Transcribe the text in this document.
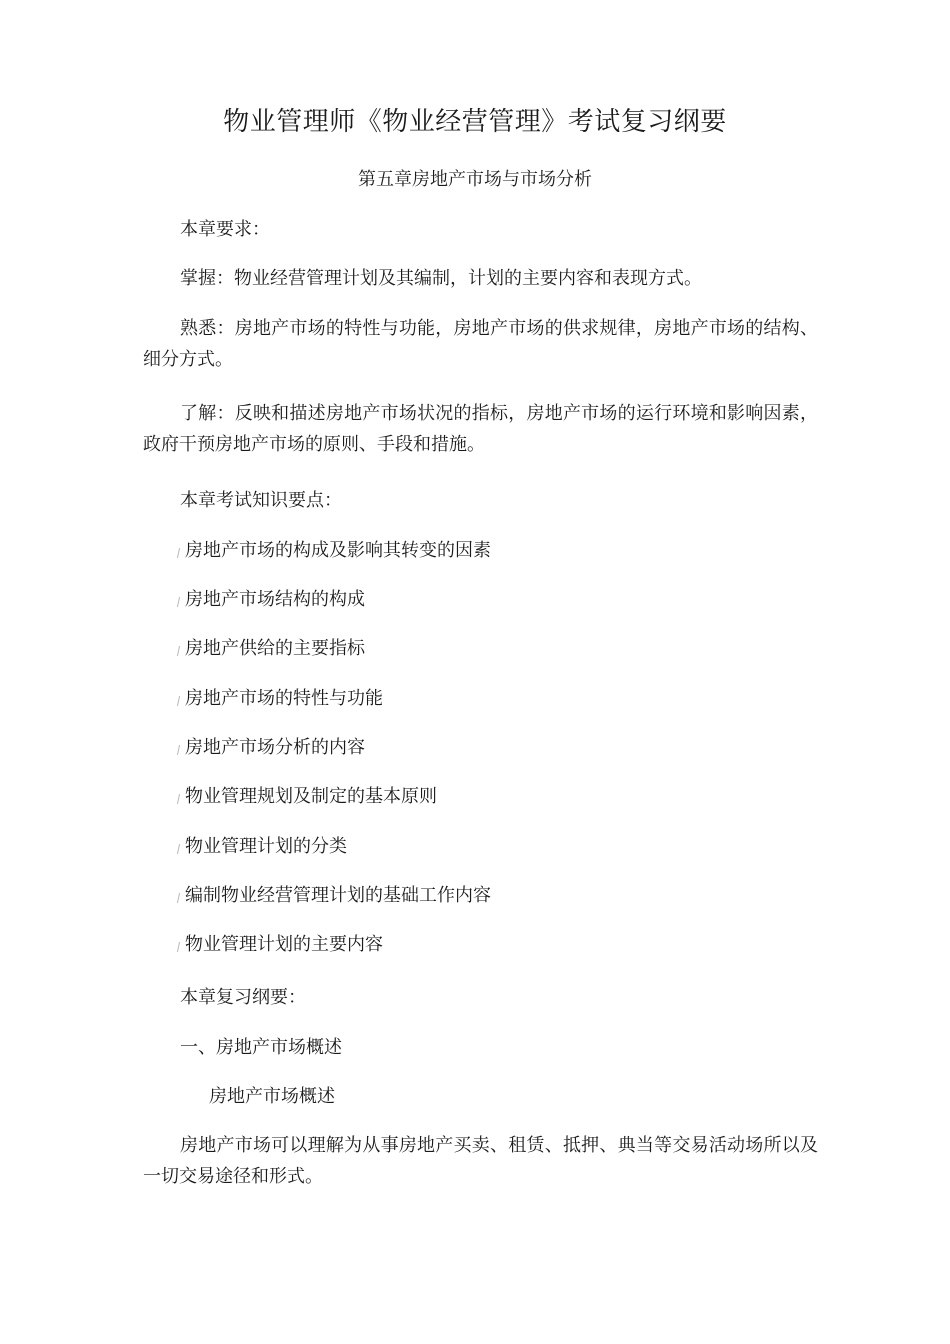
物业管理师《物业经营管理》考试复习纲要
第五章房地产市场与市场分析

本章要求：

掌握：物业经营管理计划及其编制，计划的主要内容和表现方式。

熟悉：房地产市场的特性与功能，房地产市场的供求规律，房地产市场的结构、细分方式。

了解：反映和描述房地产市场状况的指标，房地产市场的运行环境和影响因素，政府干预房地产市场的原则、手段和措施。

本章考试知识要点：

房地产市场的构成及影响其转变的因素
房地产市场结构的构成
房地产供给的主要指标
房地产市场的特性与功能
房地产市场分析的内容
物业管理规划及制定的基本原则
物业管理计划的分类
编制物业经营管理计划的基础工作内容
物业管理计划的主要内容

本章复习纲要：

一、房地产市场概述

房地产市场概述

房地产市场可以理解为从事房地产买卖、租赁、抵押、典当等交易活动场所以及一切交易途径和形式。
